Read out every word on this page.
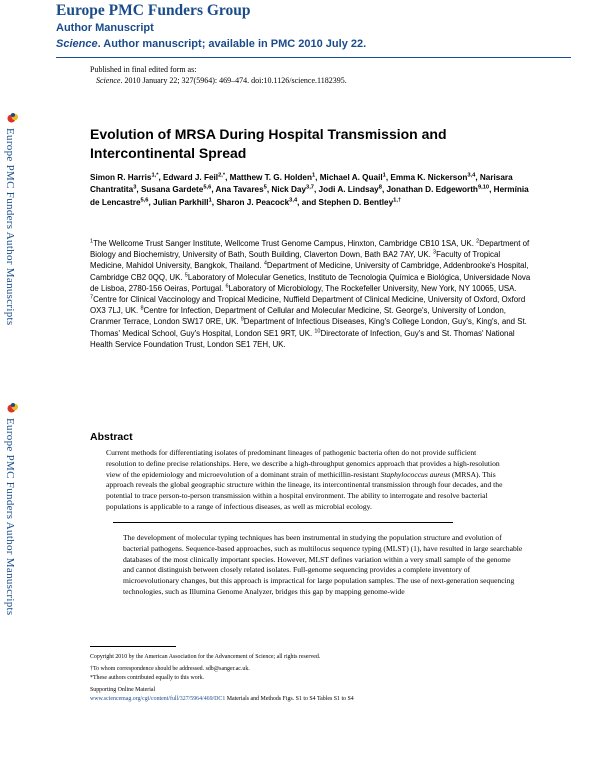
Europe PMC Funders Group
Author Manuscript
Science. Author manuscript; available in PMC 2010 July 22.
Published in final edited form as:
Science. 2010 January 22; 327(5964): 469–474. doi:10.1126/science.1182395.
Europe PMC Funders Author Manuscripts
Europe PMC Funders Author Manuscripts
Evolution of MRSA During Hospital Transmission and Intercontinental Spread
Simon R. Harris$^{1,*}$, Edward J. Feil$^{2,*}$, Matthew T. G. Holden$^1$, Michael A. Quail$^1$, Emma K. Nickerson$^{3,4}$, Narisara Chantratita$^3$, Susana Gardete$^{5,6}$, Ana Tavares$^5$, Nick Day$^{3,7}$, Jodi A. Lindsay$^8$, Jonathan D. Edgeworth$^{9,10}$, Hermínia de Lencastre$^{5,6}$, Julian Parkhill$^1$, Sharon J. Peacock$^{3,4}$, and Stephen D. Bentley$^{1,\dagger}$
$^1$The Wellcome Trust Sanger Institute, Wellcome Trust Genome Campus, Hinxton, Cambridge CB10 1SA, UK. $^2$Department of Biology and Biochemistry, University of Bath, South Building, Claverton Down, Bath BA2 7AY, UK. $^3$Faculty of Tropical Medicine, Mahidol University, Bangkok, Thailand. $^4$Department of Medicine, University of Cambridge, Addenbrooke's Hospital, Cambridge CB2 0QQ, UK. $^5$Laboratory of Molecular Genetics, Instituto de Tecnologia Química e Biológica, Universidade Nova de Lisboa, 2780-156 Oeiras, Portugal. $^6$Laboratory of Microbiology, The Rockefeller University, New York, NY 10065, USA. $^7$Centre for Clinical Vaccinology and Tropical Medicine, Nuffield Department of Clinical Medicine, University of Oxford, Oxford OX3 7LJ, UK. $^8$Centre for Infection, Department of Cellular and Molecular Medicine, St. George's, University of London, Cranmer Terrace, London SW17 0RE, UK. $^9$Department of Infectious Diseases, King's College London, Guy's, King's, and St. Thomas' Medical School, Guy's Hospital, London SE1 9RT, UK. $^{10}$Directorate of Infection, Guy's and St. Thomas' National Health Service Foundation Trust, London SE1 7EH, UK.
Abstract
Current methods for differentiating isolates of predominant lineages of pathogenic bacteria often do not provide sufficient resolution to define precise relationships. Here, we describe a high-throughput genomics approach that provides a high-resolution view of the epidemiology and microevolution of a dominant strain of methicillin-resistant Staphylococcus aureus (MRSA). This approach reveals the global geographic structure within the lineage, its intercontinental transmission through four decades, and the potential to trace person-to-person transmission within a hospital environment. The ability to interrogate and resolve bacterial populations is applicable to a range of infectious diseases, as well as microbial ecology.
The development of molecular typing techniques has been instrumental in studying the population structure and evolution of bacterial pathogens. Sequence-based approaches, such as multilocus sequence typing (MLST) (1), have resulted in large searchable databases of the most clinically important species. However, MLST defines variation within a very small sample of the genome and cannot distinguish between closely related isolates. Full-genome sequencing provides a complete inventory of microevolutionary changes, but this approach is impractical for large population samples. The use of next-generation sequencing technologies, such as Illumina Genome Analyzer, bridges this gap by mapping genome-wide
Copyright 2010 by the American Association for the Advancement of Science; all rights reserved.
†To whom correspondence should be addressed. sdb@sanger.ac.uk.
*These authors contributed equally to this work.
Supporting Online Material
www.sciencemag.org/cgi/content/full/327/5964/469/DC1 Materials and Methods Figs. S1 to S4 Tables S1 to S4
